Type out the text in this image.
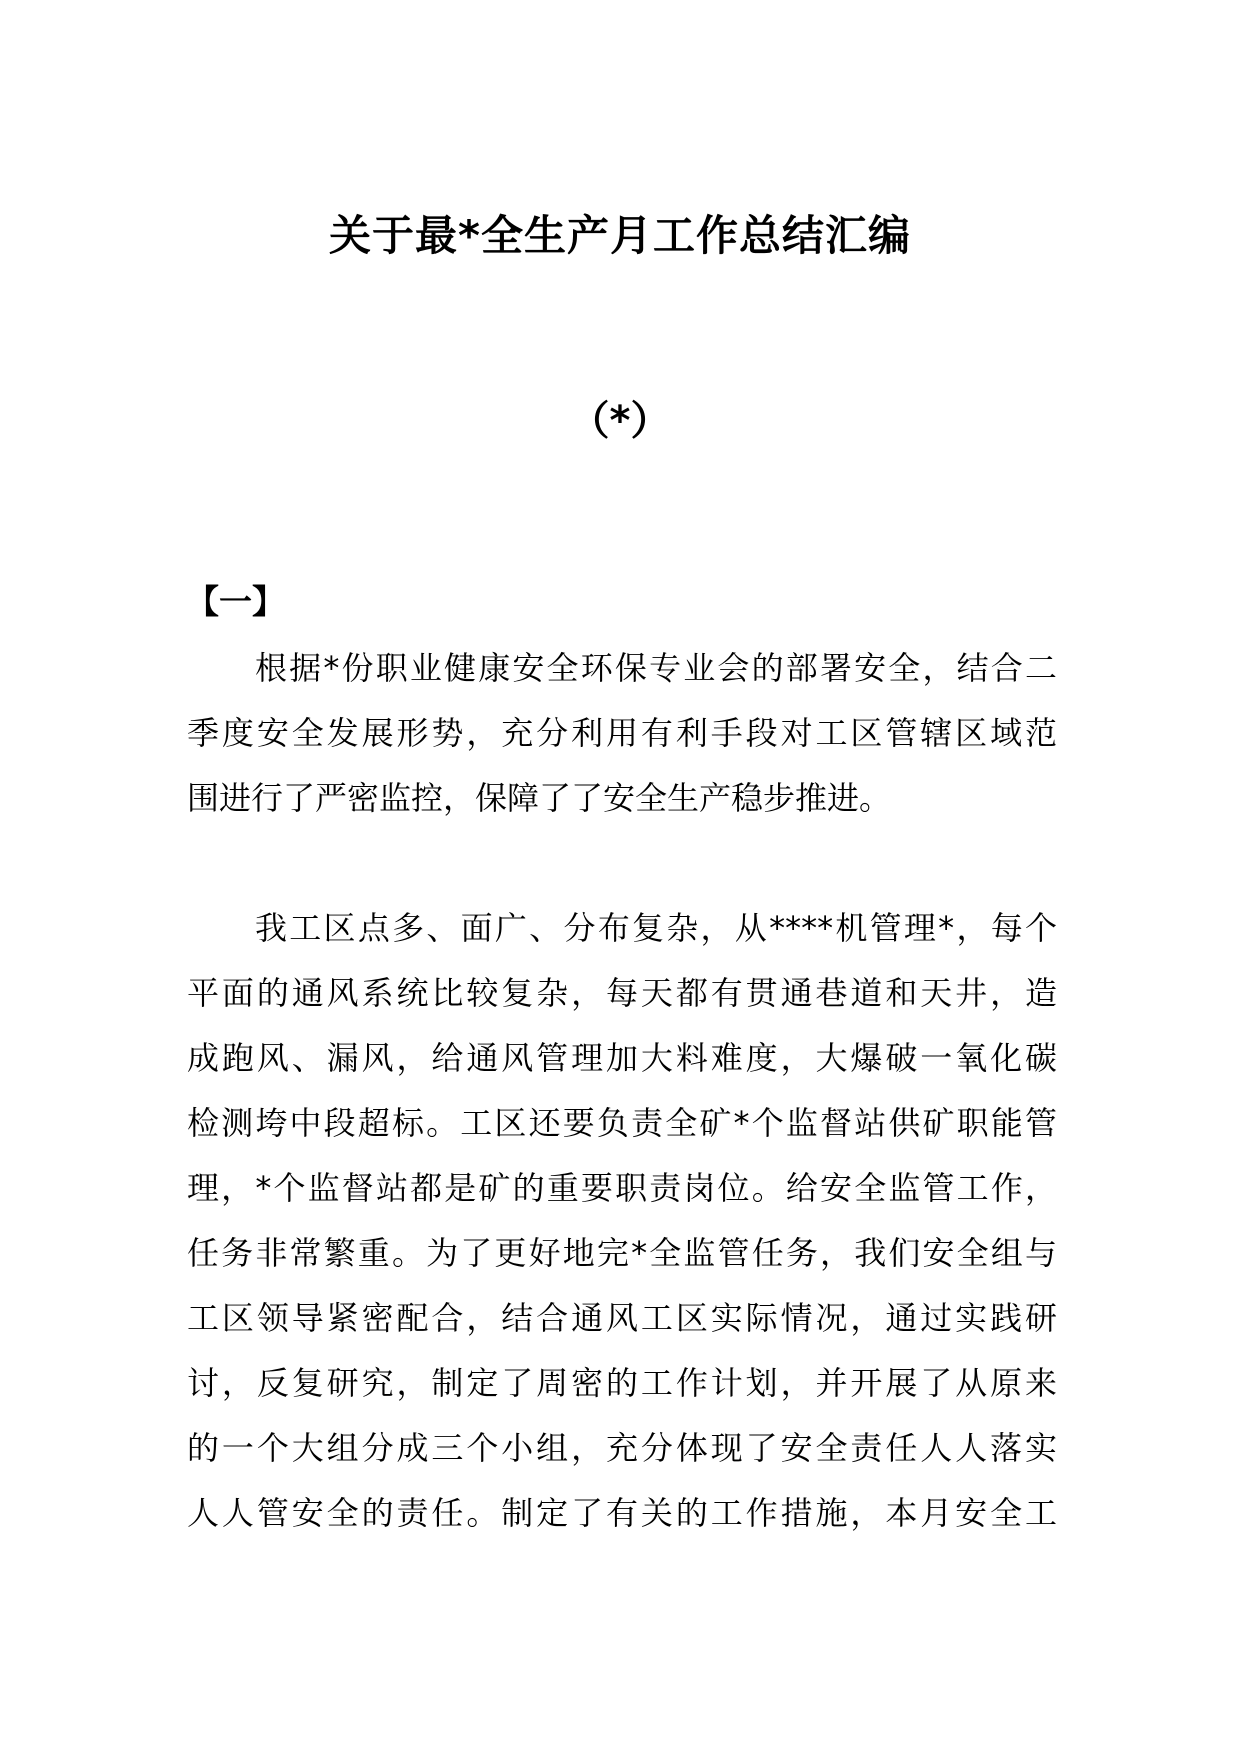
关于最*全生产月工作总结汇编
（*）
【一】
根据*份职业健康安全环保专业会的部署安全，结合二
季度安全发展形势，充分利用有利手段对工区管辖区域范
围进行了严密监控，保障了了安全生产稳步推进。
我工区点多、面广、分布复杂，从****机管理*，每个
平面的通风系统比较复杂，每天都有贯通巷道和天井，造
成跑风、漏风，给通风管理加大料难度，大爆破一氧化碳
检测垮中段超标。工区还要负责全矿*个监督站供矿职能管
理，*个监督站都是矿的重要职责岗位。给安全监管工作，
任务非常繁重。为了更好地完*全监管任务，我们安全组与
工区领导紧密配合，结合通风工区实际情况，通过实践研
讨，反复研究，制定了周密的工作计划，并开展了从原来
的一个大组分成三个小组，充分体现了安全责任人人落实
人人管安全的责任。制定了有关的工作措施，本月安全工
